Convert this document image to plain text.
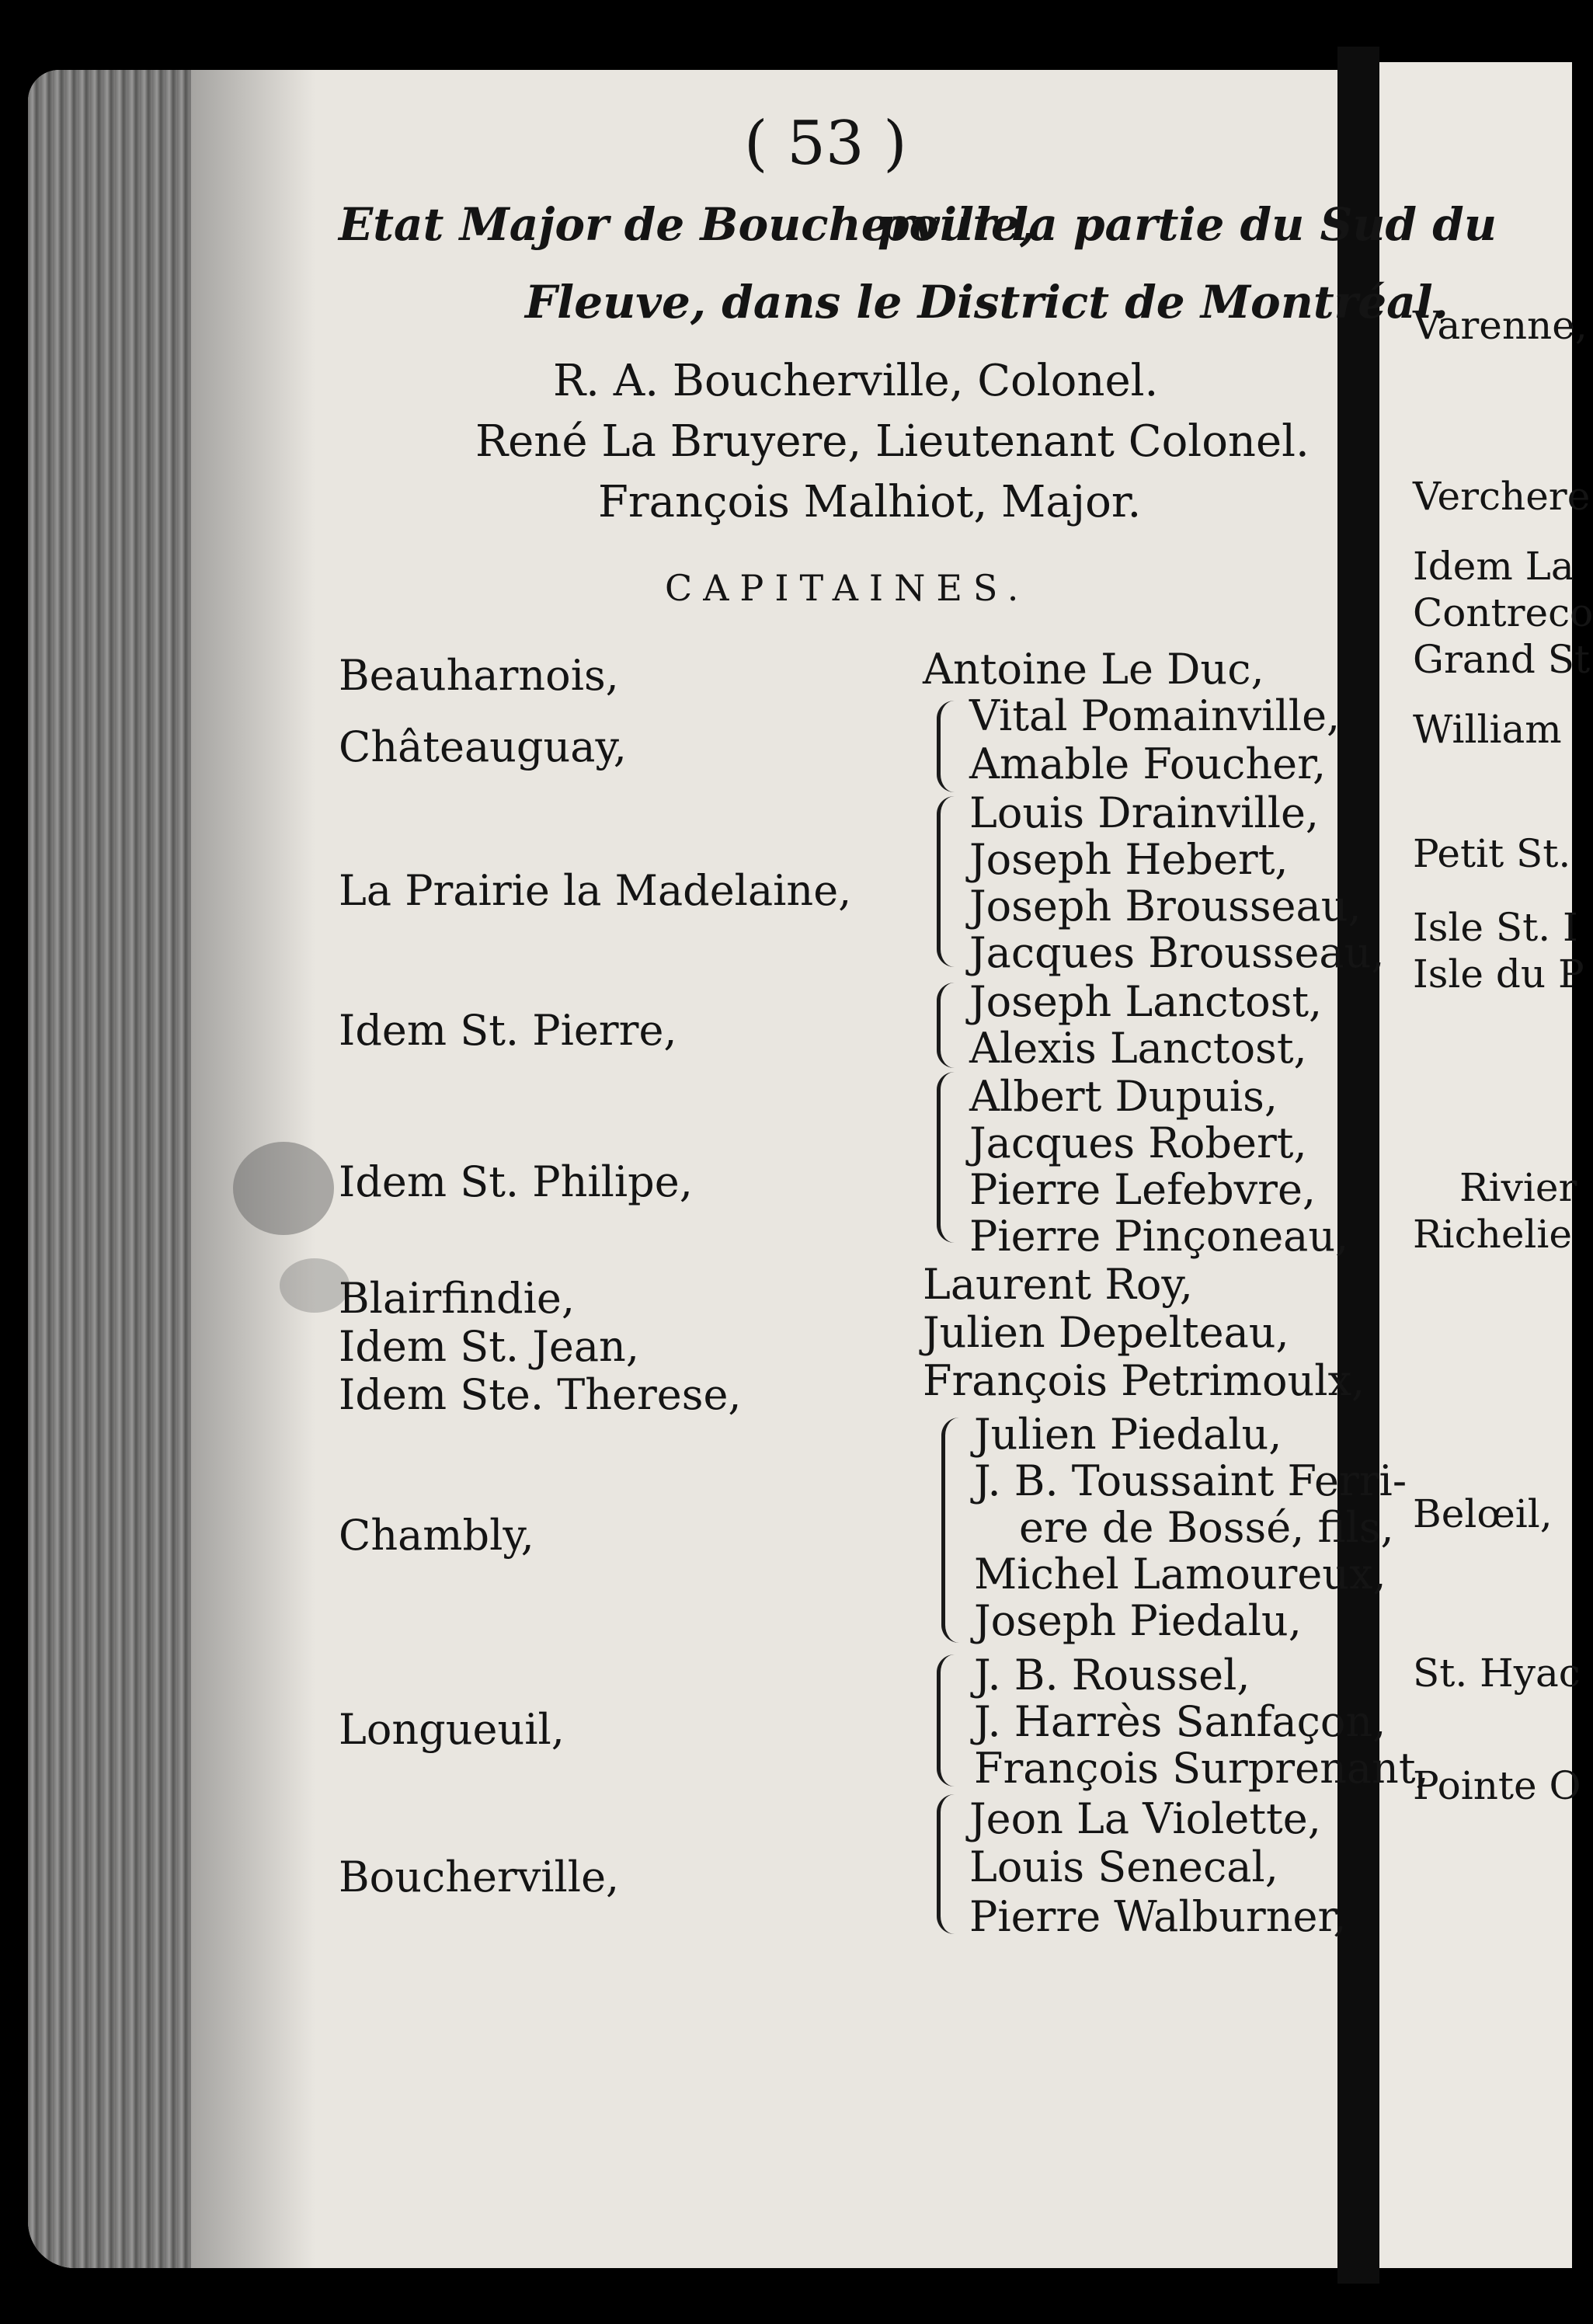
( 53 )
Etat Major de Boucherville,
pour la partie du Sud du
Fleuve, dans le District de Montréal.
R. A. Boucherville, Colonel.
René La Bruyere, Lieutenant Colonel.
François Malhiot, Major.
CAPITAINES.
Beauharnois,
Châteauguay,
La Prairie la Madelaine,
Idem St. Pierre,
Idem St. Philipe,
Blairfindie,
Idem St. Jean,
Idem Ste. Therese,
Chambly,
Longueuil,
Boucherville,
Antoine Le Duc,
Vital Pomainville,
Amable Foucher,
Louis Drainville,
Joseph Hebert,
Joseph Brousseau,
Jacques Brousseau,
Joseph Lanctost,
Alexis Lanctost,
Albert Dupuis,
Jacques Robert,
Pierre Lefebvre,
Pierre Pinçoneau,
Laurent Roy,
Julien Depelteau,
François Petrimoulx,
Julien Piedalu,
J. B. Toussaint Ferri-
ere de Bossé, fils,
Michel Lamoureux,
Joseph Piedalu,
J. B. Roussel,
J. Harrès Sanfaçon,
François Surprenant,
Jeon La Violette,
Louis Senecal,
Pierre Walburner,
Varenne,
Verchere
Idem La
Contreco
Grand St
William
Petit St.
Isle St. I
Isle du P
Rivier
Richelie
Belœil,
St. Hyac
Pointe O
